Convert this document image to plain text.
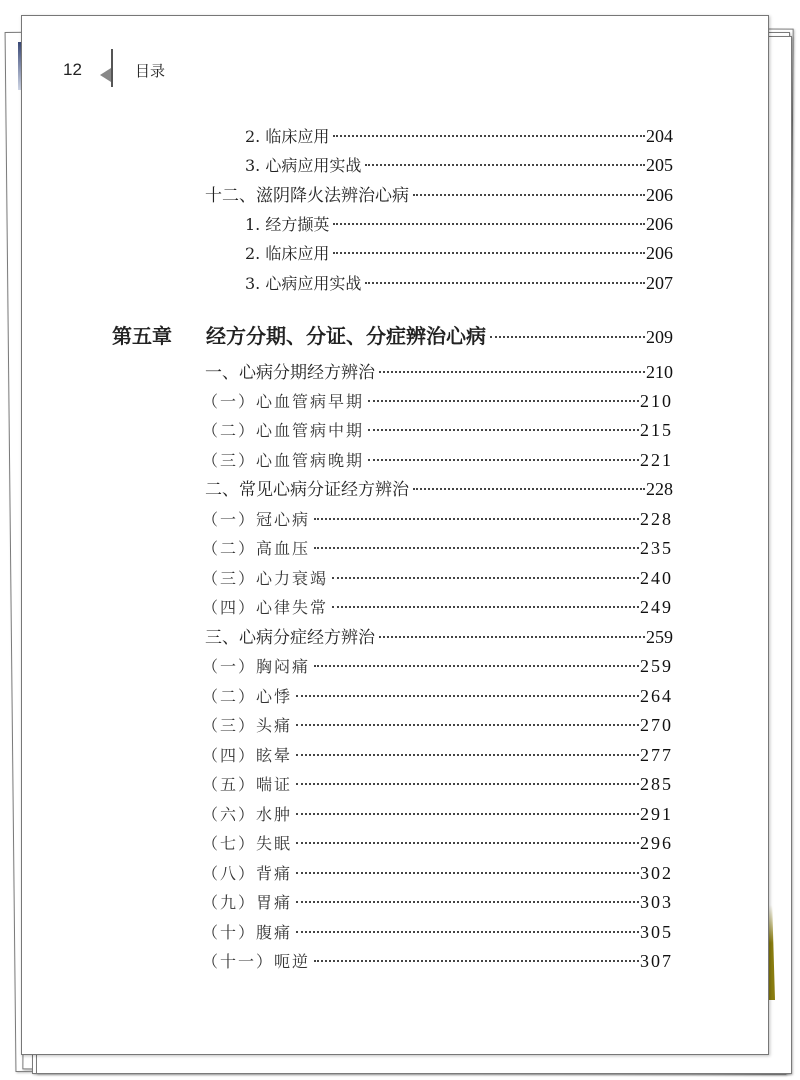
12	目录
2. 临床应用	204
3. 心病应用实战	205
十二、滋阴降火法辨治心病	206
1. 经方撷英	206
2. 临床应用	206
3. 心病应用实战	207
第五章	经方分期、分证、分症辨治心病	209
一、心病分期经方辨治	210
（一）心血管病早期	210
（二）心血管病中期	215
（三）心血管病晚期	221
二、常见心病分证经方辨治	228
（一）冠心病	228
（二）高血压	235
（三）心力衰竭	240
（四）心律失常	249
三、心病分症经方辨治	259
（一）胸闷痛	259
（二）心悸	264
（三）头痛	270
（四）眩晕	277
（五）喘证	285
（六）水肿	291
（七）失眠	296
（八）背痛	302
（九）胃痛	303
（十）腹痛	305
（十一）呃逆	307
